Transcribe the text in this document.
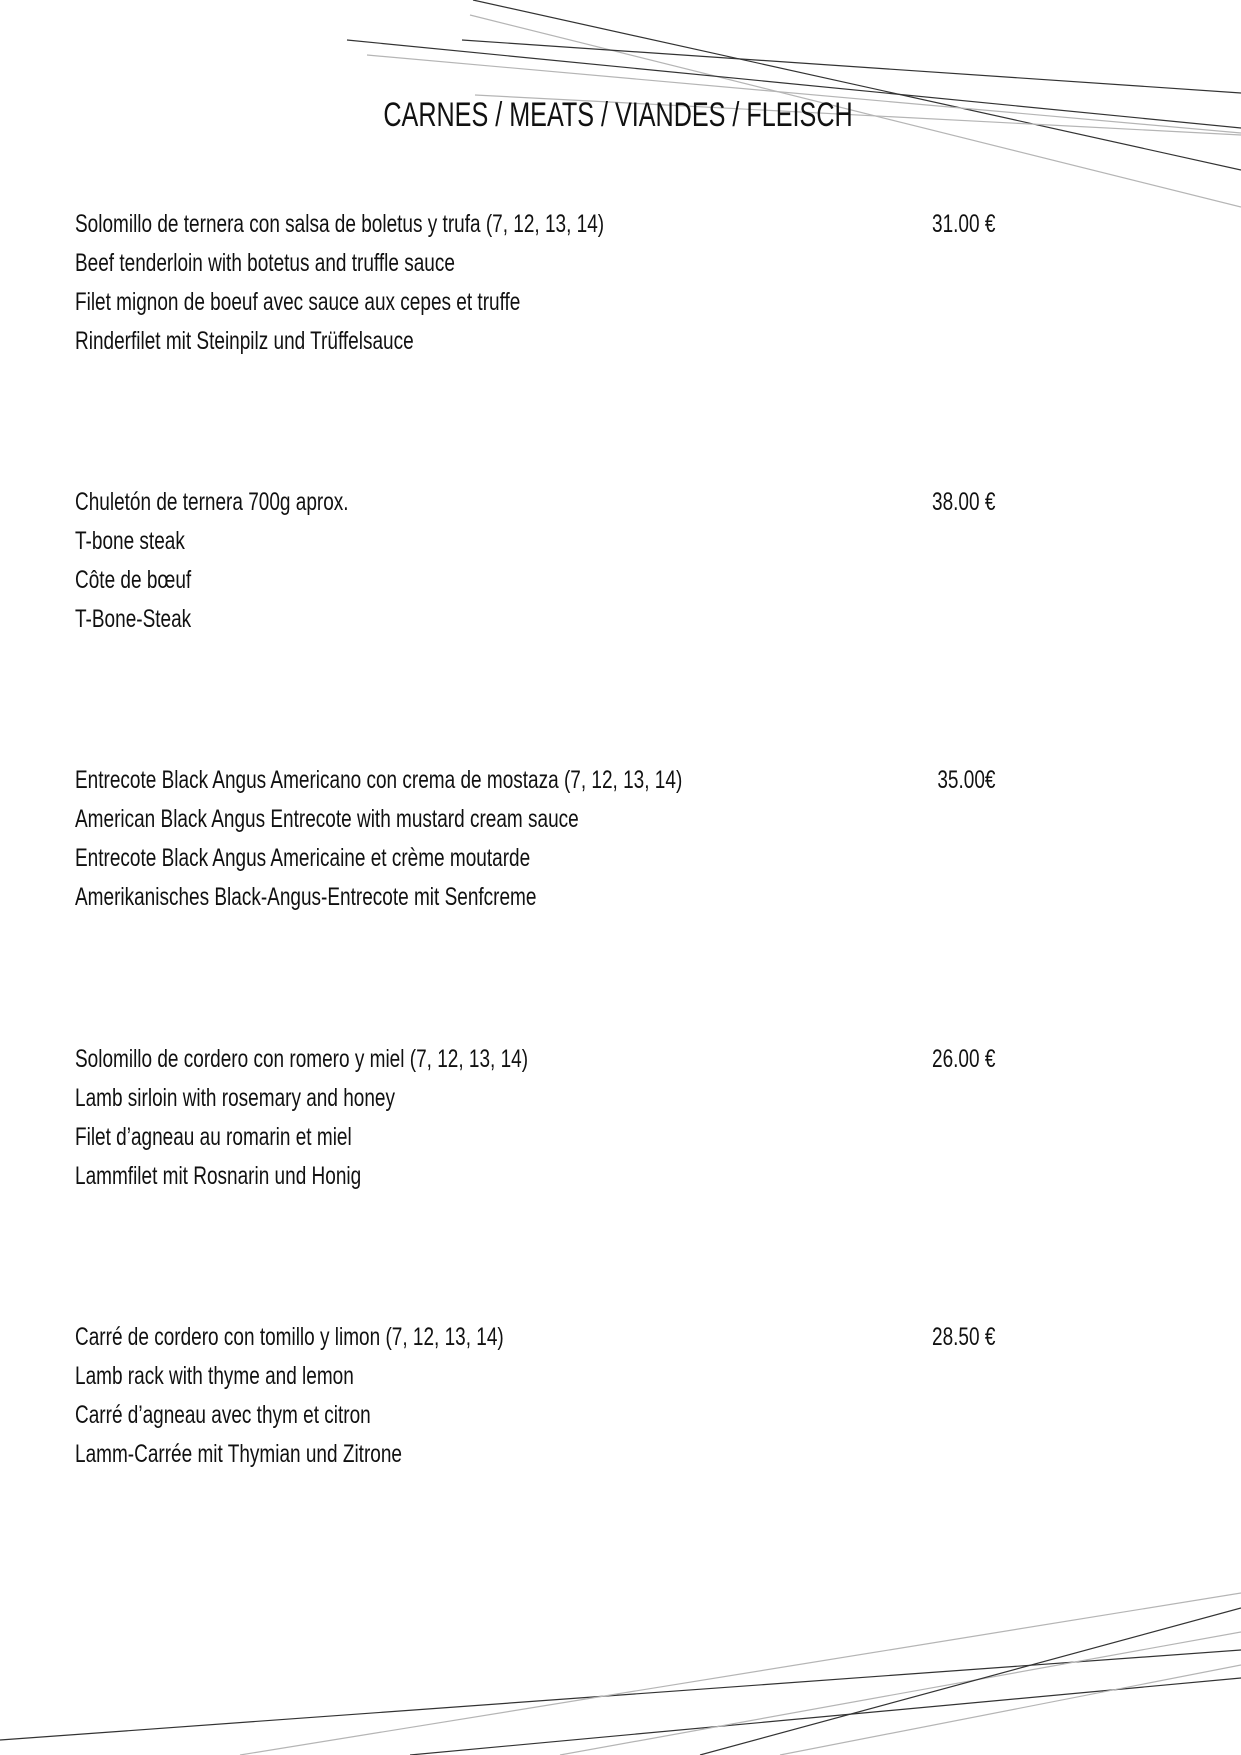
CARNES / MEATS / VIANDES / FLEISCH
Solomillo de ternera con salsa de boletus y trufa (7, 12, 13, 14)
Beef tenderloin with botetus and truffle sauce
Filet mignon de boeuf avec sauce aux cepes et truffe
Rinderfilet mit Steinpilz und Trüffelsauce
31.00 €
Chuletón de ternera 700g aprox.
T-bone steak
Côte de bœuf
T-Bone-Steak
38.00 €
Entrecote Black Angus Americano con crema de mostaza (7, 12, 13, 14)
American Black Angus Entrecote with mustard cream sauce
Entrecote Black Angus Americaine et crème moutarde
Amerikanisches Black-Angus-Entrecote mit Senfcreme
35.00€
Solomillo de cordero con romero y miel (7, 12, 13, 14)
Lamb sirloin with rosemary and honey
Filet d’agneau au romarin et miel
Lammfilet mit Rosnarin und Honig
26.00 €
Carré de cordero con tomillo y limon (7, 12, 13, 14)
Lamb rack with thyme and lemon
Carré d’agneau avec thym et citron
Lamm-Carrée mit Thymian und Zitrone
28.50 €
